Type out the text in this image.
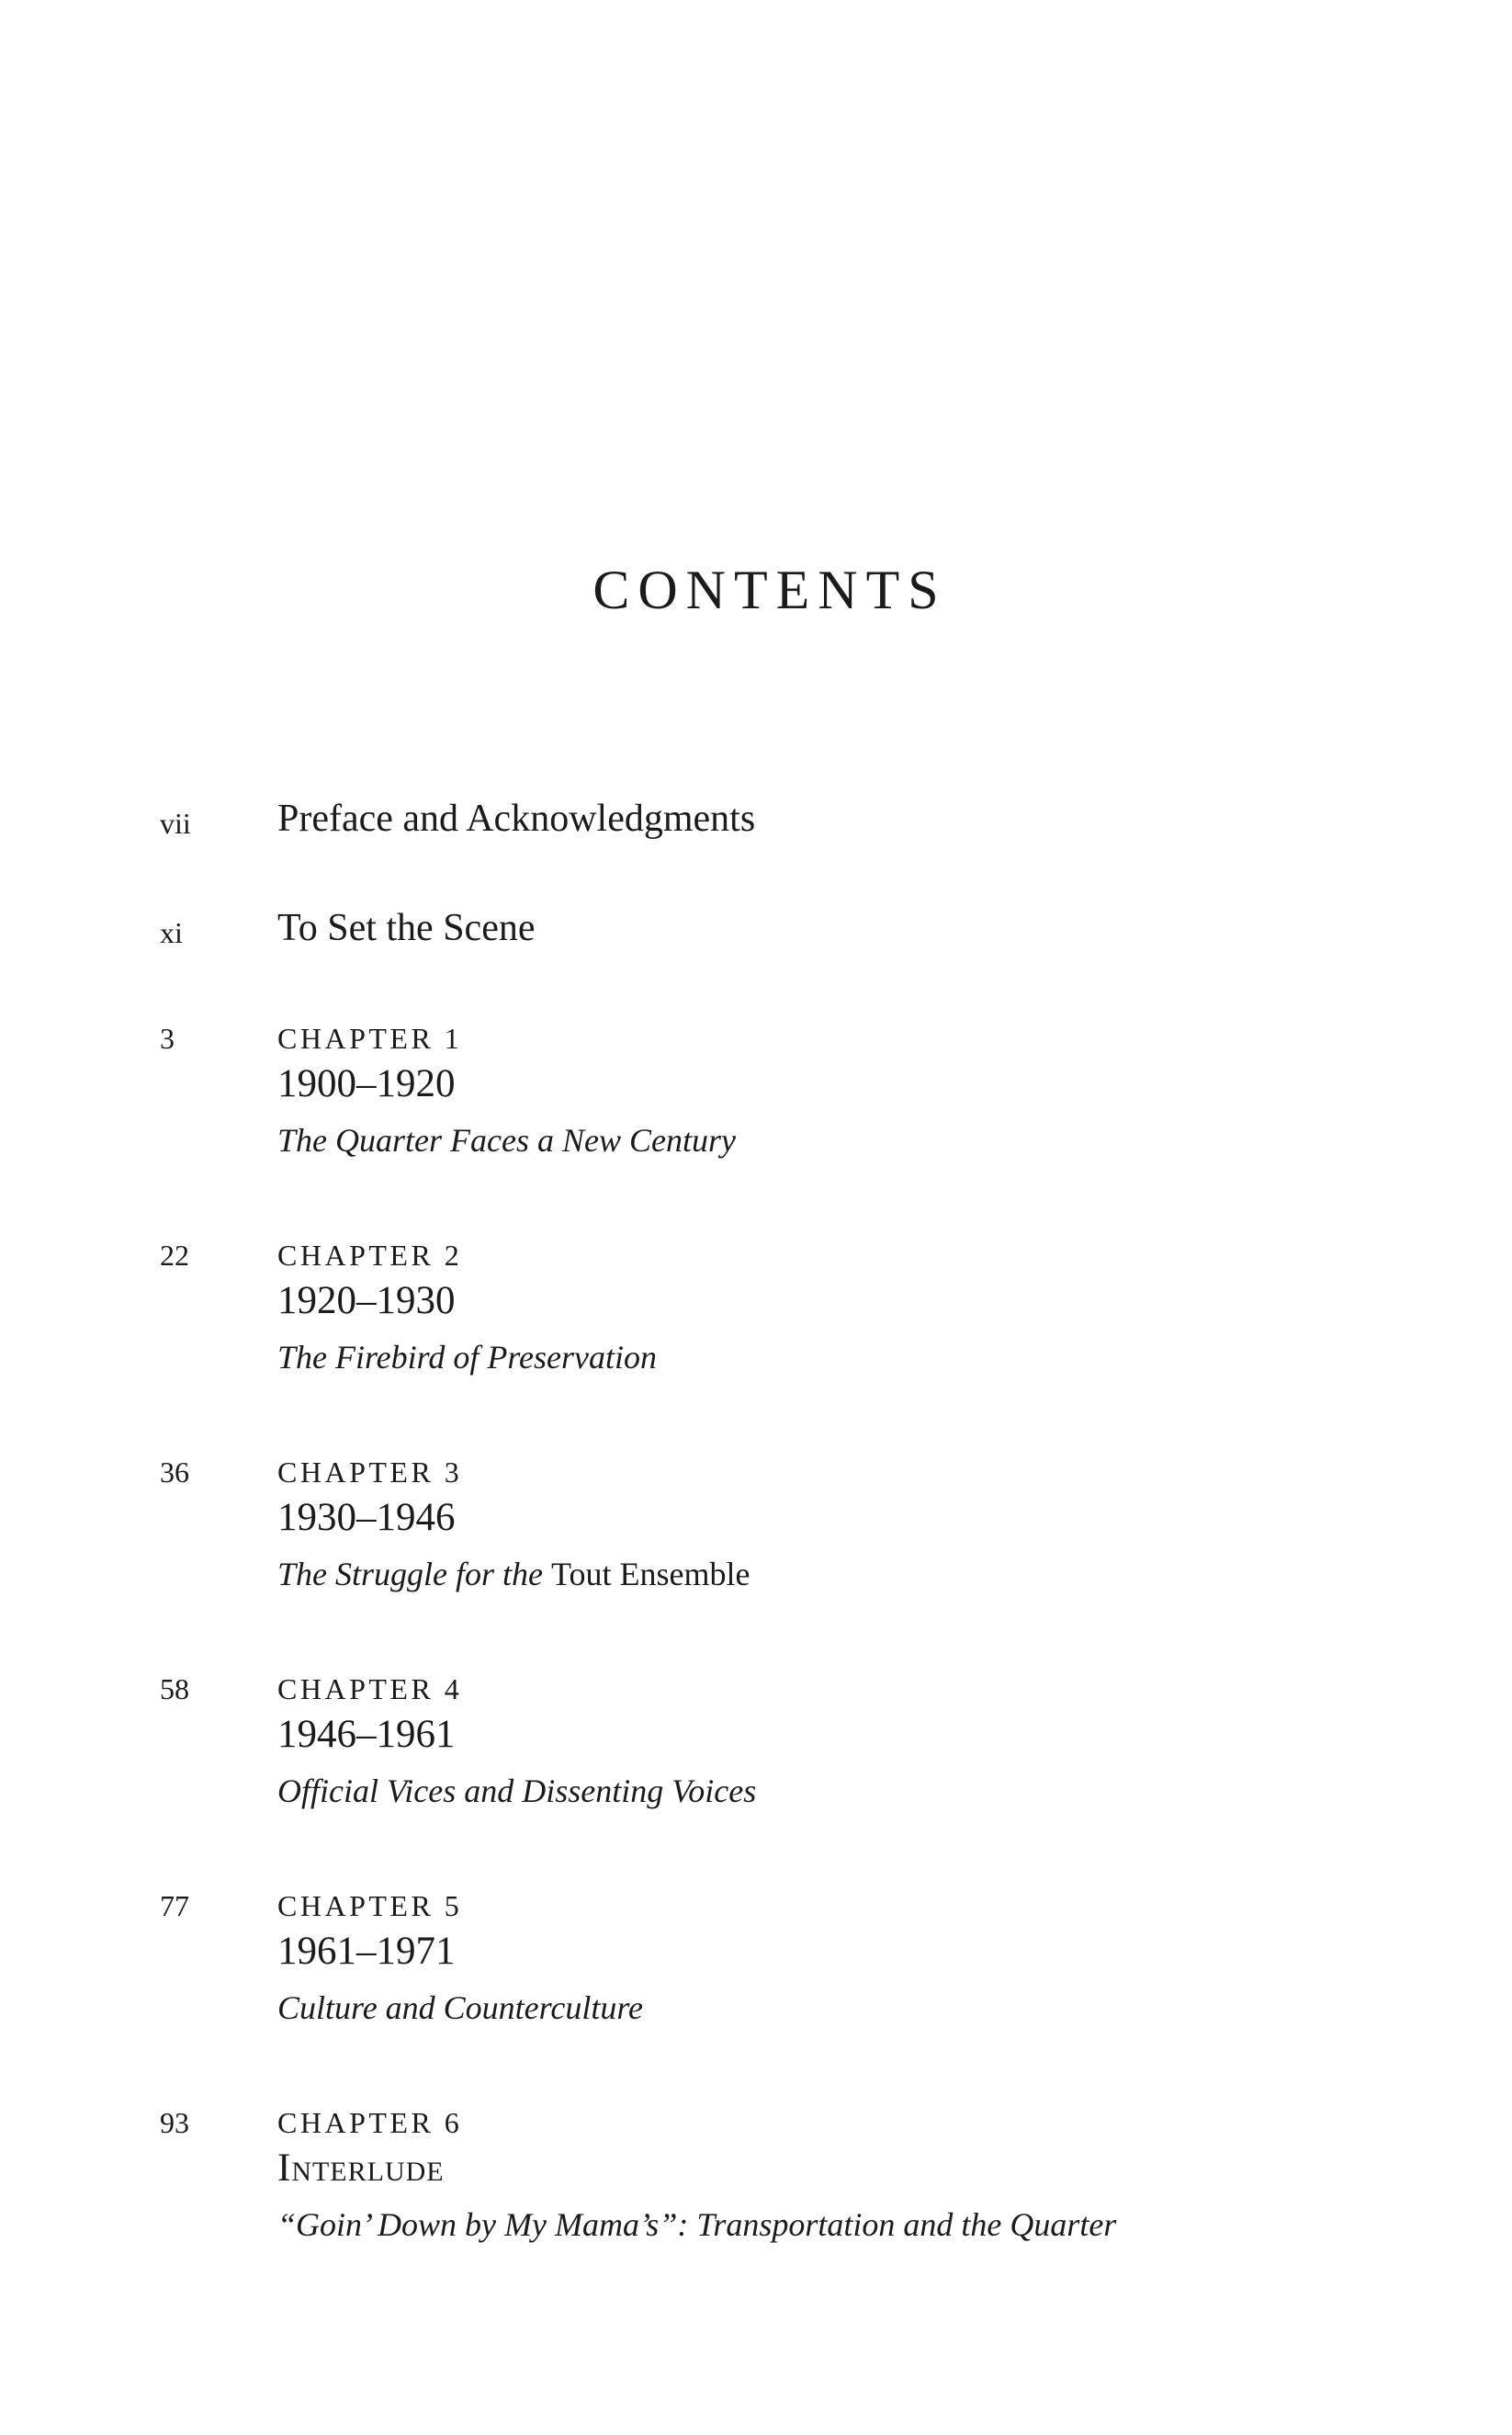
CONTENTS
vii Preface and Acknowledgments
xi To Set the Scene
3	CHAPTER 1
1900–1920
The Quarter Faces a New Century
22	CHAPTER 2
1920–1930
The Firebird of Preservation
36	CHAPTER 3
1930–1946
The Struggle for the Tout Ensemble
58	CHAPTER 4
1946–1961
Official Vices and Dissenting Voices
77	CHAPTER 5
1961–1971
Culture and Counterculture
93	CHAPTER 6
Interlude
“Goin’ Down by My Mama’s”: Transportation and the Quarter
